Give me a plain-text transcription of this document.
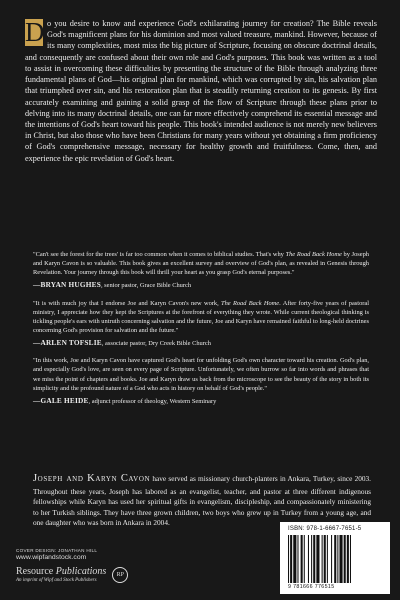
D o you desire to know and experience God's exhilarating journey for creation? The Bible reveals God's magnificent plans for his dominion and most valued treasure, mankind. However, because of its many complexities, most miss the big picture of Scripture, focusing on obscure doctrinal details, and consequently are confused about their own role and God's purposes. This book was written as a tool to assist in overcoming these difficulties by presenting the structure of the Bible through analyzing three fundamental plans of God—his original plan for mankind, which was corrupted by sin, his salvation plan that triumphed over sin, and his restoration plan that is steadily returning creation to its genesis. By first accurately examining and gaining a solid grasp of the flow of Scripture through these plans prior to delving into its many doctrinal details, one can far more effectively comprehend its essential message and the intentions of God's heart toward his people. This book's intended audience is not merely new believers in Christ, but also those who have been Christians for many years without yet obtaining a firm proficiency of God's comprehensive message, necessary for healthy growth and fruitfulness. Come, then, and experience the epic revelation of God's heart.

"Can't see the forest for the trees' is far too common when it comes to biblical studies. That's why The Road Back Home by Joseph and Karyn Cavon is so valuable. This book gives an excellent survey and overview of God's plan, as revealed in Genesis through Revelation. Your journey through this book will thrill your heart as you grasp God's eternal purposes."

—BRYAN HUGHES, senior pastor, Grace Bible Church

"It is with much joy that I endorse Joe and Karyn Cavon's new work, The Road Back Home. After forty-five years of pastoral ministry, I appreciate how they kept the Scriptures at the forefront of everything they wrote. While current theological thinking is tickling people's ears with untruth concerning salvation and the future, Joe and Karyn have remained faithful to long-held doctrines concerning God's provision for salvation and the future."

—ARLEN TOFSLIE, associate pastor, Dry Creek Bible Church

"In this work, Joe and Karyn Cavon have captured God's heart for unfolding God's own character toward his creation. God's plan, and especially God's love, are seen on every page of Scripture. Unfortunately, we often burrow so far into words and phrases that we miss the point of chapters and books. Joe and Karyn draw us back from the microscope to see the beauty of the story in both its simplicity and the profound nature of a God who acts in history on behalf of God's people."

—GALE HEIDE, adjunct professor of theology, Western Seminary
Joseph and Karyn Cavon have served as missionary church-planters in Ankara, Turkey, since 2003. Throughout these years, Joseph has labored as an evangelist, teacher, and pastor at three different indigenous fellowships while Karyn has used her spiritual gifts in evangelism, discipleship, and compassionately ministering to her Turkish siblings. They have three grown children, two boys who grew up in Turkey from a young age, and one daughter who was born in Ankara in 2004.
COVER DESIGN: JONATHAN HILL
www.wipfandstock.com
Resource Publications
An imprint of Wipf and Stock Publishers
RP
ISBN: 978-1-6667-7651-5
9 781666 776515
